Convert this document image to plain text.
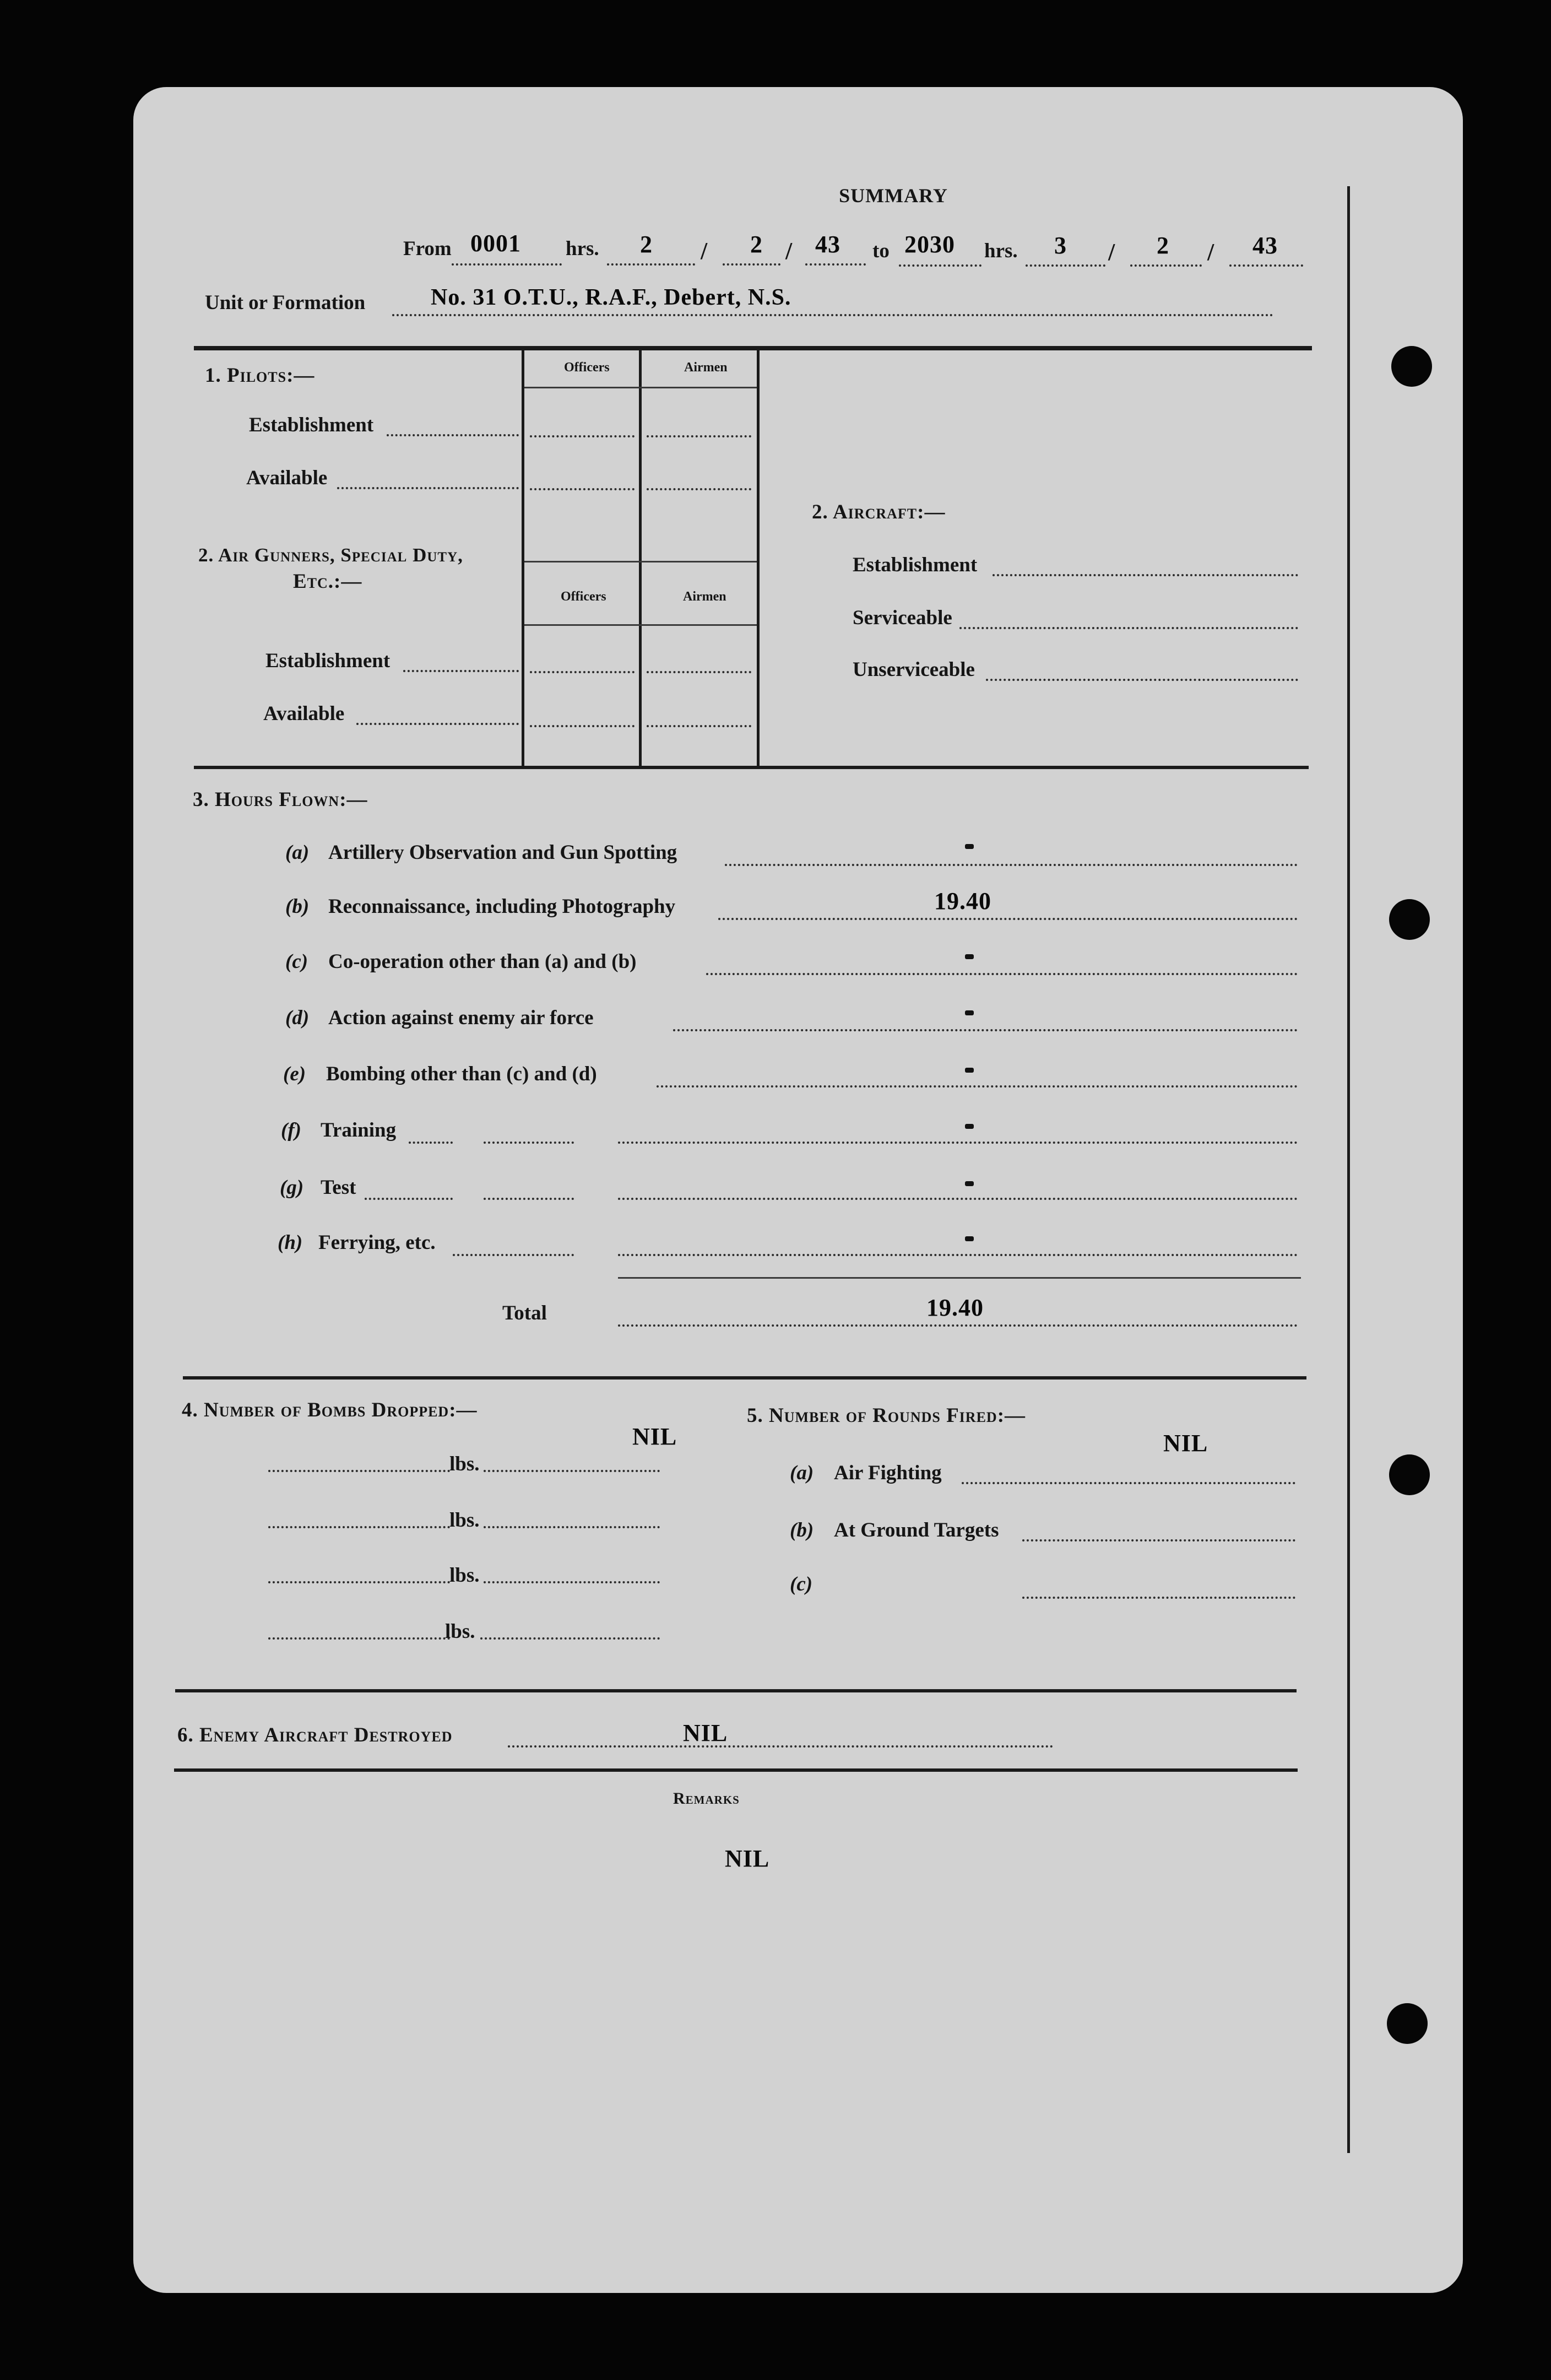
SUMMARY
From 0001 hrs. 2 / 2 / 43 to 2030 hrs. 3 / 2 / 43
Unit or Formation	No. 31 O.T.U., R.A.F., Debert, N.S.
Officers	Airmen
Officers	Airmen
1. Pilots:—
Establishment
Available
2. Air Gunners, Special Duty,
Etc.:—
Establishment
Available
2. Aircraft:—
Establishment
Serviceable
Unserviceable
3. Hours Flown:—
(a) Artillery Observation and Gun Spotting
(b) Reconnaissance, including Photography	19.40
(c) Co-operation other than (a) and (b)
(d) Action against enemy air force
(e) Bombing other than (c) and (d)
(f) Training
(g) Test
(h) Ferrying, etc.
Total	19.40
4. Number of Bombs Dropped:—
NIL
lbs.
lbs.
lbs.
lbs.
5. Number of Rounds Fired:—
NIL
(a) Air Fighting
(b) At Ground Targets
(c)
6. Enemy Aircraft Destroyed	NIL
Remarks
NIL
